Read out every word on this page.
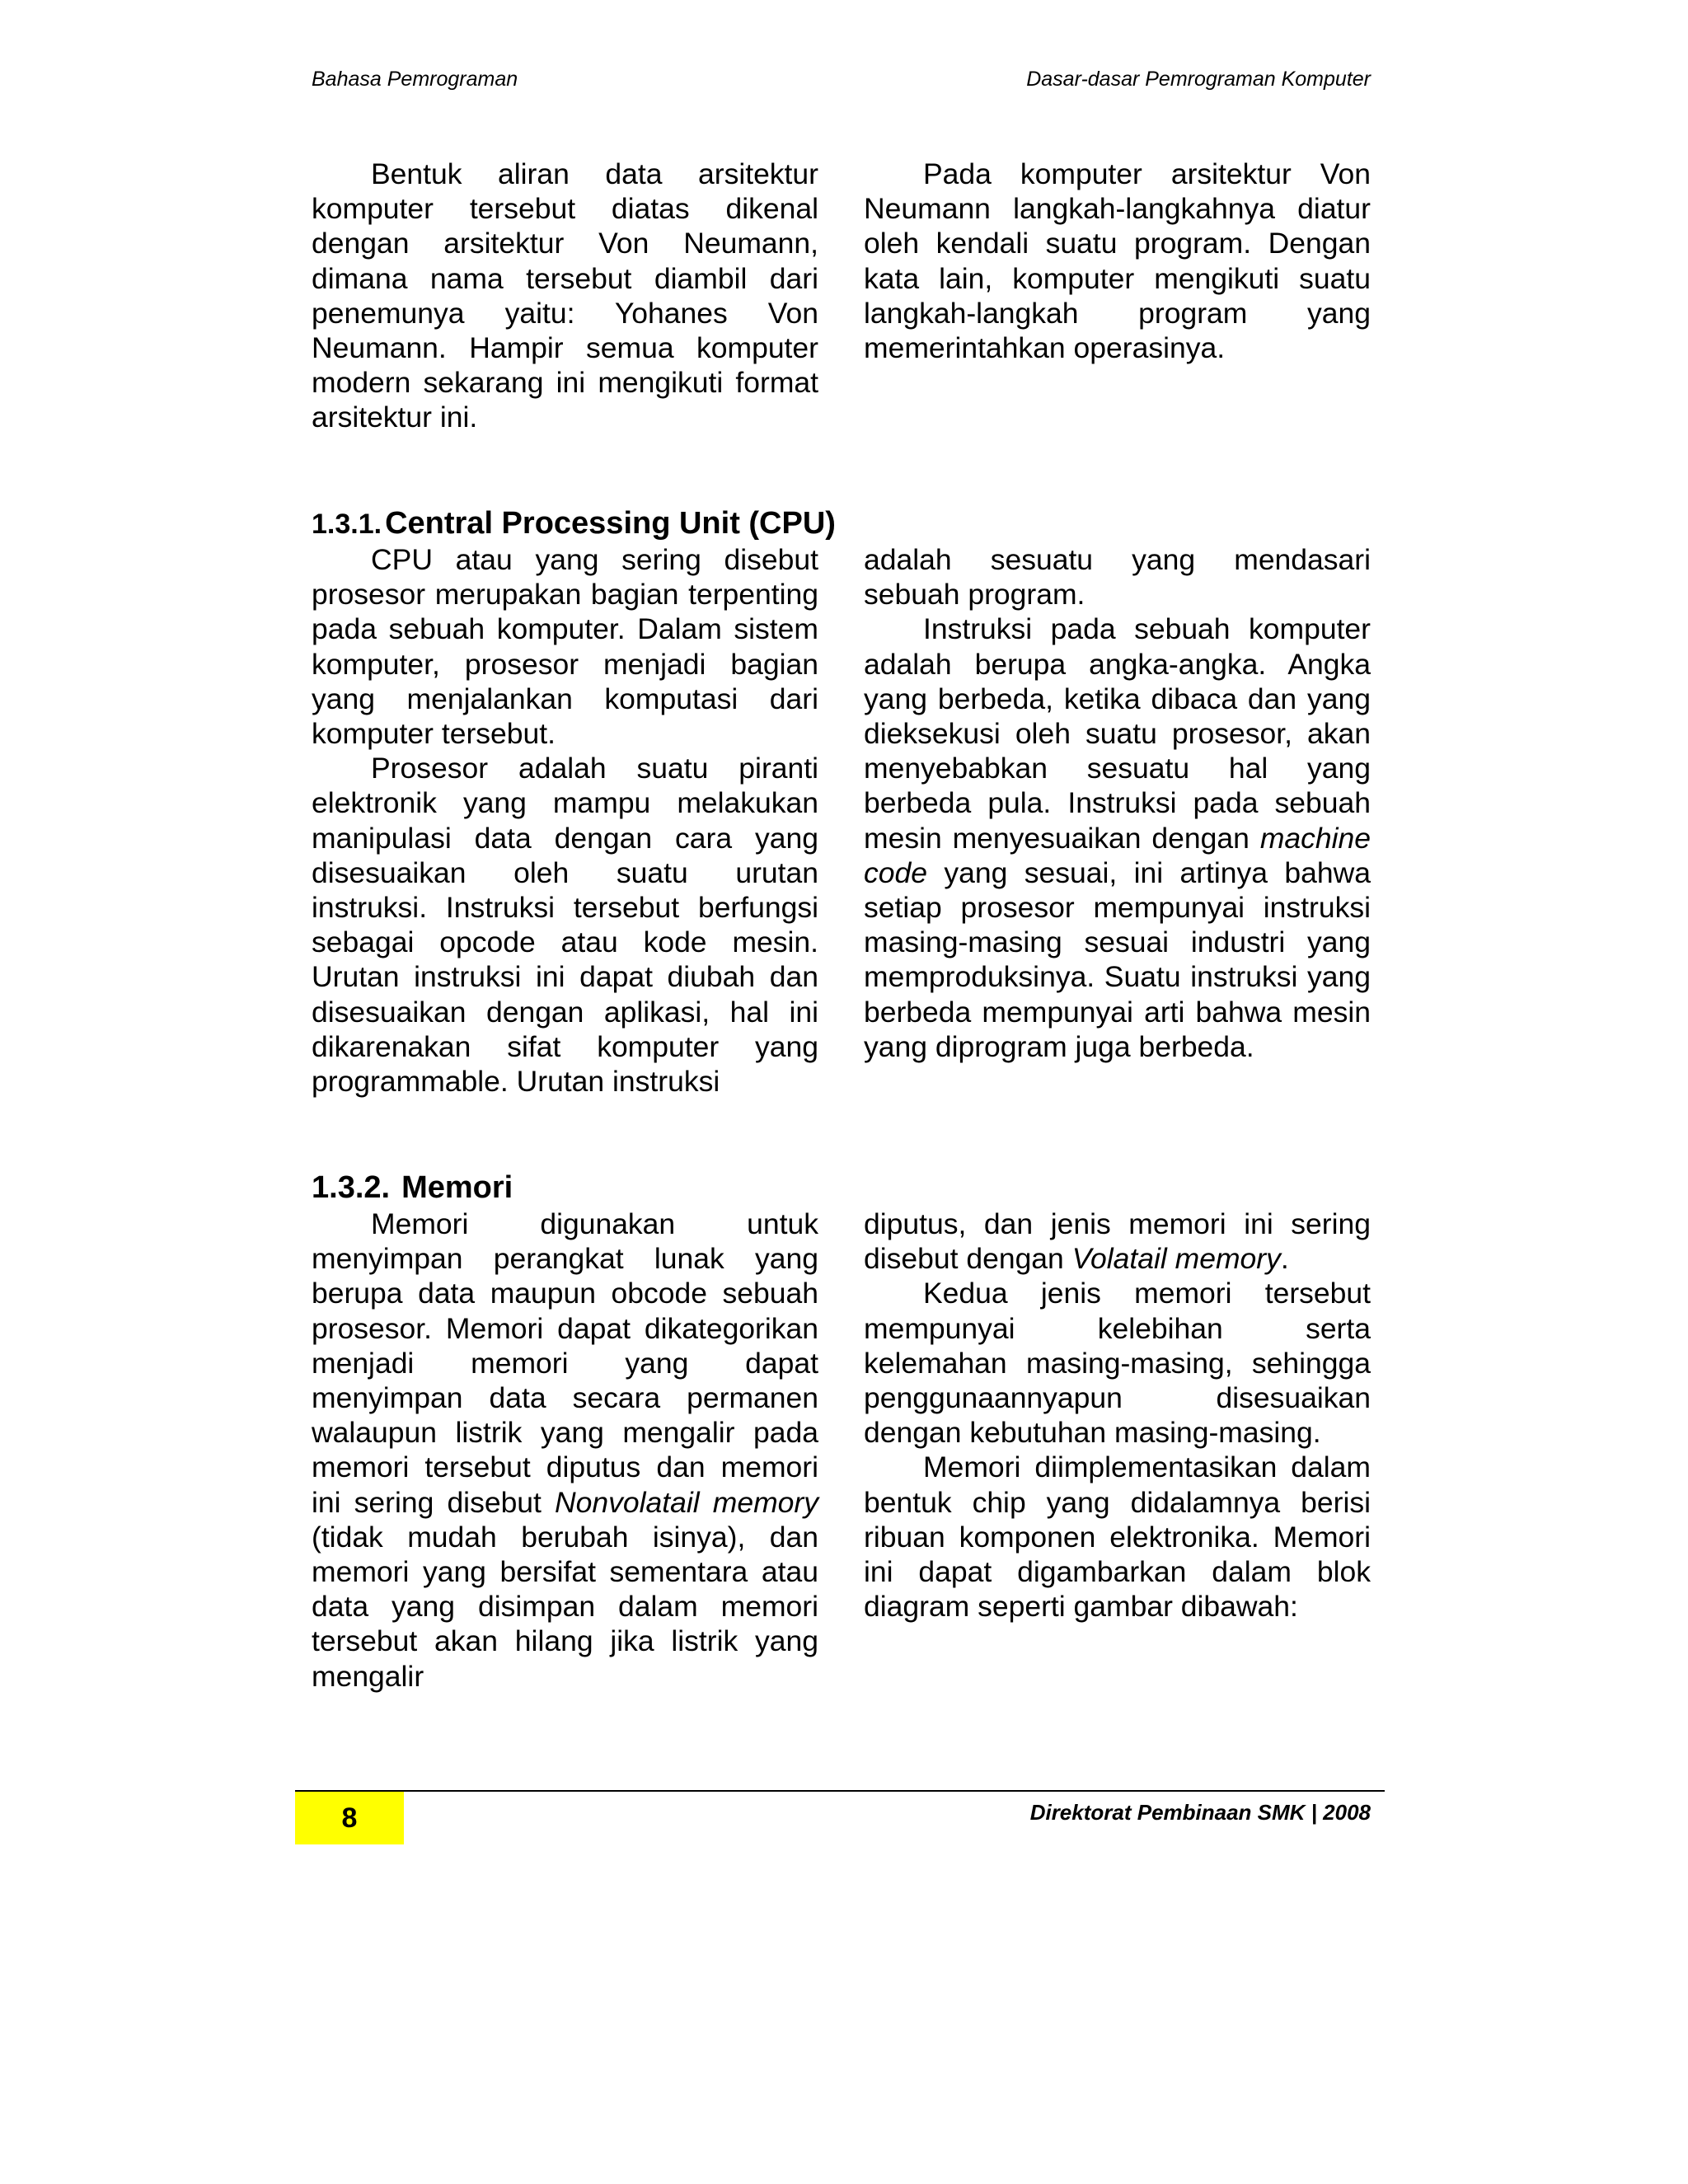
Bahasa Pemrograman	Dasar-dasar Pemrograman Komputer

Bentuk aliran data arsitektur komputer tersebut diatas dikenal dengan arsitektur Von Neumann, dimana nama tersebut diambil dari penemunya yaitu: Yohanes Von Neumann. Hampir semua komputer modern sekarang ini mengikuti format arsitektur ini.

Pada komputer arsitektur Von Neumann langkah-langkahnya diatur oleh kendali suatu program. Dengan kata lain, komputer mengikuti suatu langkah-langkah program yang memerintahkan operasinya.

1.3.1. Central Processing Unit (CPU)

CPU atau yang sering disebut prosesor merupakan bagian terpenting pada sebuah komputer. Dalam sistem komputer, prosesor menjadi bagian yang menjalankan komputasi dari komputer tersebut.

Prosesor adalah suatu piranti elektronik yang mampu melakukan manipulasi data dengan cara yang disesuaikan oleh suatu urutan instruksi. Instruksi tersebut berfungsi sebagai opcode atau kode mesin. Urutan instruksi ini dapat diubah dan disesuaikan dengan aplikasi, hal ini dikarenakan sifat komputer yang programmable. Urutan instruksi

adalah sesuatu yang mendasari sebuah program.

Instruksi pada sebuah komputer adalah berupa angka-angka. Angka yang berbeda, ketika dibaca dan yang dieksekusi oleh suatu prosesor, akan menyebabkan sesuatu hal yang berbeda pula. Instruksi pada sebuah mesin menyesuaikan dengan machine code yang sesuai, ini artinya bahwa setiap prosesor mempunyai instruksi masing-masing sesuai industri yang memproduksinya. Suatu instruksi yang berbeda mempunyai arti bahwa mesin yang diprogram juga berbeda.

1.3.2. Memori

Memori digunakan untuk menyimpan perangkat lunak yang berupa data maupun obcode sebuah prosesor. Memori dapat dikategorikan menjadi memori yang dapat menyimpan data secara permanen walaupun listrik yang mengalir pada memori tersebut diputus dan memori ini sering disebut Nonvolatail memory (tidak mudah berubah isinya), dan memori yang bersifat sementara atau data yang disimpan dalam memori tersebut akan hilang jika listrik yang mengalir

diputus, dan jenis memori ini sering disebut dengan Volatail memory.

Kedua jenis memori tersebut mempunyai kelebihan serta kelemahan masing-masing, sehingga penggunaannyapun disesuaikan dengan kebutuhan masing-masing.

Memori diimplementasikan dalam bentuk chip yang didalamnya berisi ribuan komponen elektronika. Memori ini dapat digambarkan dalam blok diagram seperti gambar dibawah:

8	Direktorat Pembinaan SMK | 2008
